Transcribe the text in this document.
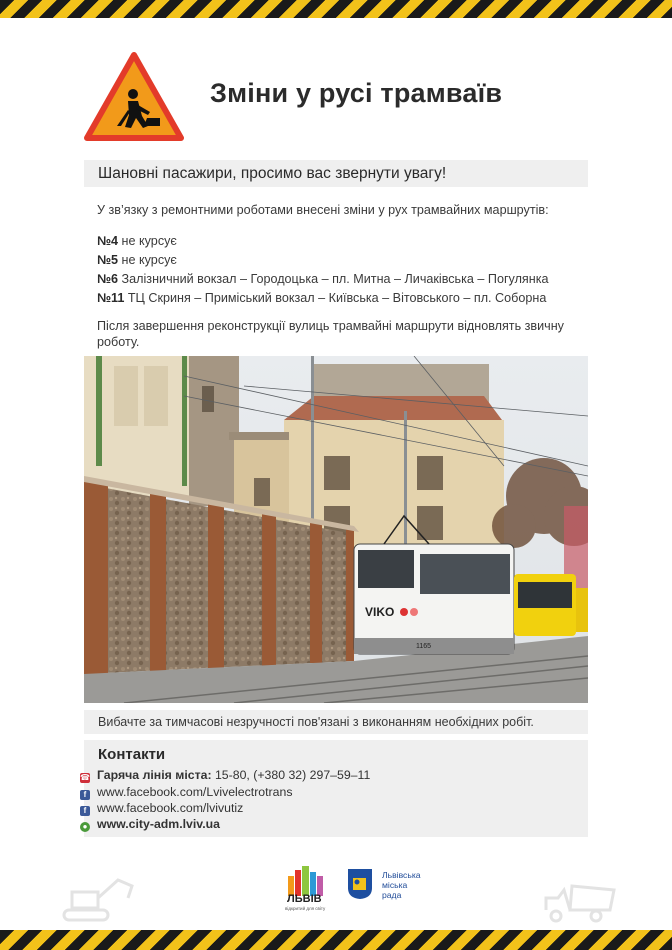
Зміни у русі трамваїв
Шановні пасажири, просимо вас звернути увагу!
У зв’язку з ремонтними роботами внесені зміни у рух трамвайних маршрутів:
№4 не курсує
№5 не курсує
№6 Залізничний вокзал – Городоцька – пл. Митна – Личаківська – Погулянка
№11 ТЦ Скриня – Приміський вокзал – Київська – Вітовського – пл. Соборна
Після завершення реконструкції вулиць трамвайні маршрути відновлять звичну роботу.
VIKO
1165
Вибачте за тимчасові незручності пов'язані з виконанням необхідних робіт.
Контакти
☎ Гаряча лінія міста: 15-80, (+380 32) 297–59–11
f www.facebook.com/Lvivelectrotrans
f www.facebook.com/lvivutiz
● www.city-adm.lviv.ua
ЛЬВІВ
відкритий для світу
Львівська
міська
рада
